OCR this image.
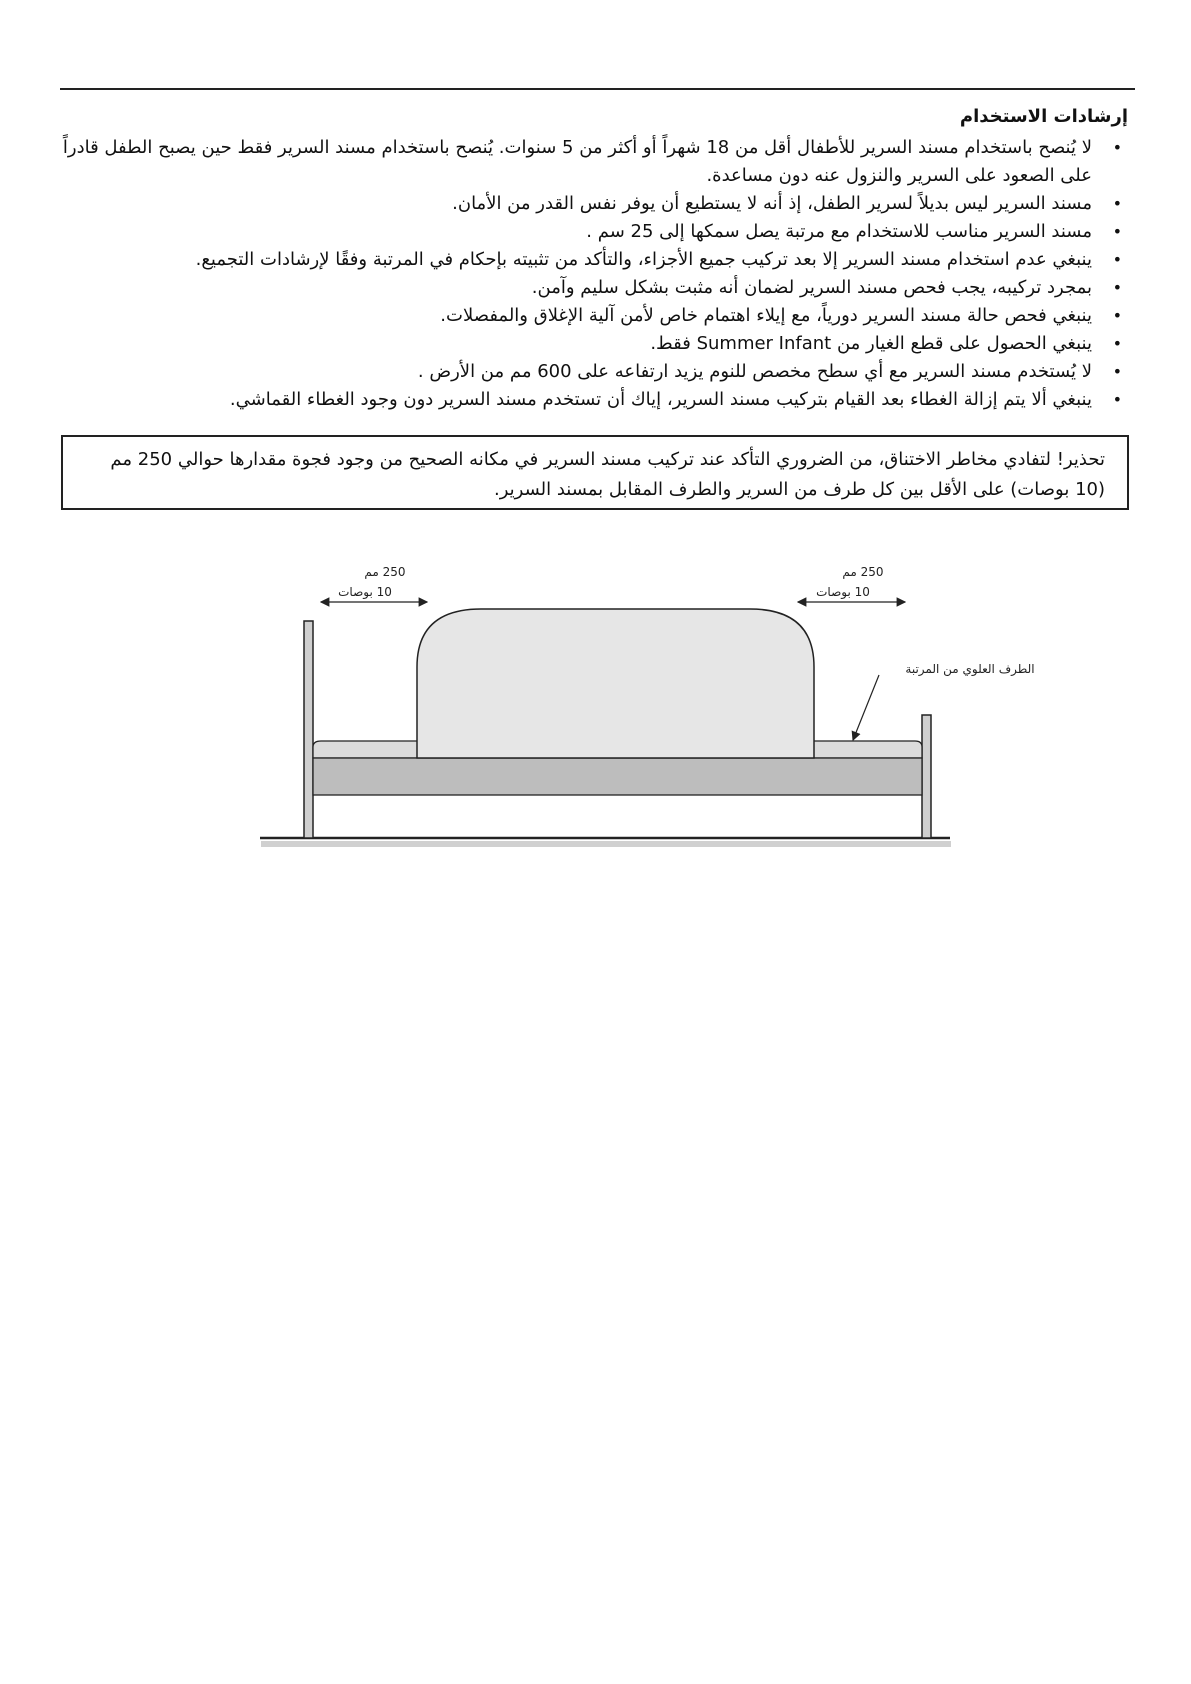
إرشادات الاستخدام
•
لا يُنصح باستخدام مسند السرير للأطفال أقل من 18 شهراً أو أكثر من 5 سنوات. يُنصح باستخدام مسند السرير فقط حين يصبح الطفل قادراً على الصعود على السرير والنزول عنه دون مساعدة.
•
مسند السرير ليس بديلاً لسرير الطفل، إذ أنه لا يستطيع أن يوفر نفس القدر من الأمان.
•
مسند السرير مناسب للاستخدام مع مرتبة يصل سمكها إلى 25 سم .
•
ينبغي عدم استخدام مسند السرير إلا بعد تركيب جميع الأجزاء، والتأكد من تثبيته بإحكام في المرتبة وفقًا لإرشادات التجميع.
•
بمجرد تركيبه، يجب فحص مسند السرير لضمان أنه مثبت بشكل سليم وآمن.
•
ينبغي فحص حالة مسند السرير دورياً، مع إيلاء اهتمام خاص لأمن آلية الإغلاق والمفصلات.
•
ينبغي الحصول على قطع الغيار من Summer Infant فقط.
•
لا يُستخدم مسند السرير مع أي سطح مخصص للنوم يزيد ارتفاعه على 600 مم من الأرض .
•
ينبغي ألا يتم إزالة الغطاء بعد القيام بتركيب مسند السرير، إياك أن تستخدم مسند السرير دون وجود الغطاء القماشي.
تحذير! لتفادي مخاطر الاختناق، من الضروري التأكد عند تركيب مسند السرير في مكانه الصحيح من وجود فجوة مقدارها حوالي 250 مم
(10 بوصات) على الأقل بين كل طرف من السرير والطرف المقابل بمسند السرير.
250 مم
10 بوصات
250 مم
10 بوصات
الطرف العلوي من المرتبة
